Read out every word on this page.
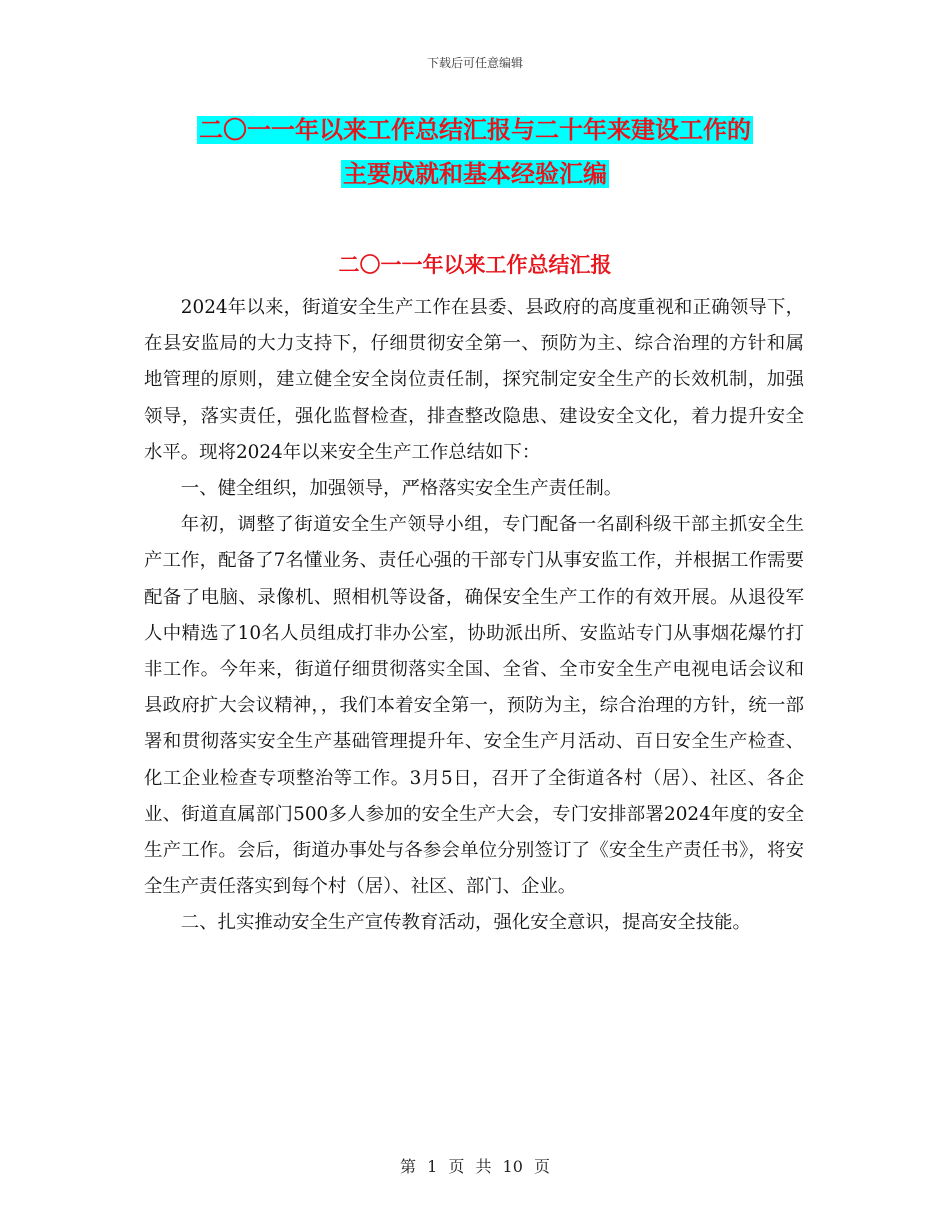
下载后可任意编辑
二〇一一年以来工作总结汇报与二十年来建设工作的
主要成就和基本经验汇编
二〇一一年以来工作总结汇报

2024年以来，街道安全生产工作在县委、县政府的高度重视和正确领导下，在县安监局的大力支持下，仔细贯彻安全第一、预防为主、综合治理的方针和属地管理的原则，建立健全安全岗位责任制，探究制定安全生产的长效机制，加强领导，落实责任，强化监督检查，排查整改隐患、建设安全文化，着力提升安全水平。现将2024年以来安全生产工作总结如下：

一、健全组织，加强领导，严格落实安全生产责任制。

年初，调整了街道安全生产领导小组，专门配备一名副科级干部主抓安全生产工作，配备了7名懂业务、责任心强的干部专门从事安监工作，并根据工作需要配备了电脑、录像机、照相机等设备，确保安全生产工作的有效开展。从退役军人中精选了10名人员组成打非办公室，协助派出所、安监站专门从事烟花爆竹打非工作。今年来，街道仔细贯彻落实全国、全省、全市安全生产电视电话会议和县政府扩大会议精神，，我们本着安全第一，预防为主，综合治理的方针，统一部署和贯彻落实安全生产基础管理提升年、安全生产月活动、百日安全生产检查、化工企业检查专项整治等工作。3月5日，召开了全街道各村（居）、社区、各企业、街道直属部门500多人参加的安全生产大会，专门安排部署2024年度的安全生产工作。会后，街道办事处与各参会单位分别签订了《安全生产责任书》，将安全生产责任落实到每个村（居）、社区、部门、企业。

二、扎实推动安全生产宣传教育活动，强化安全意识，提高安全技能。

第 1 页 共 10 页
